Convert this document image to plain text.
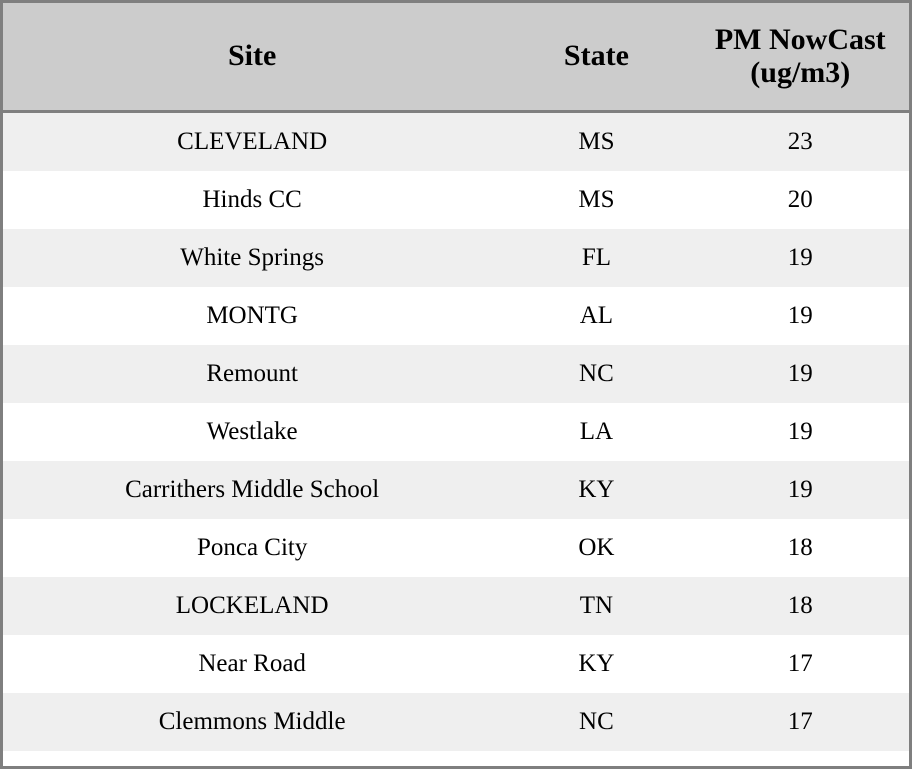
Site	State	PM NowCast (ug/m3)
CLEVELAND	MS	23
Hinds CC	MS	20
White Springs	FL	19
MONTG	AL	19
Remount	NC	19
Westlake	LA	19
Carrithers Middle School	KY	19
Ponca City	OK	18
LOCKELAND	TN	18
Near Road	KY	17
Clemmons Middle	NC	17
